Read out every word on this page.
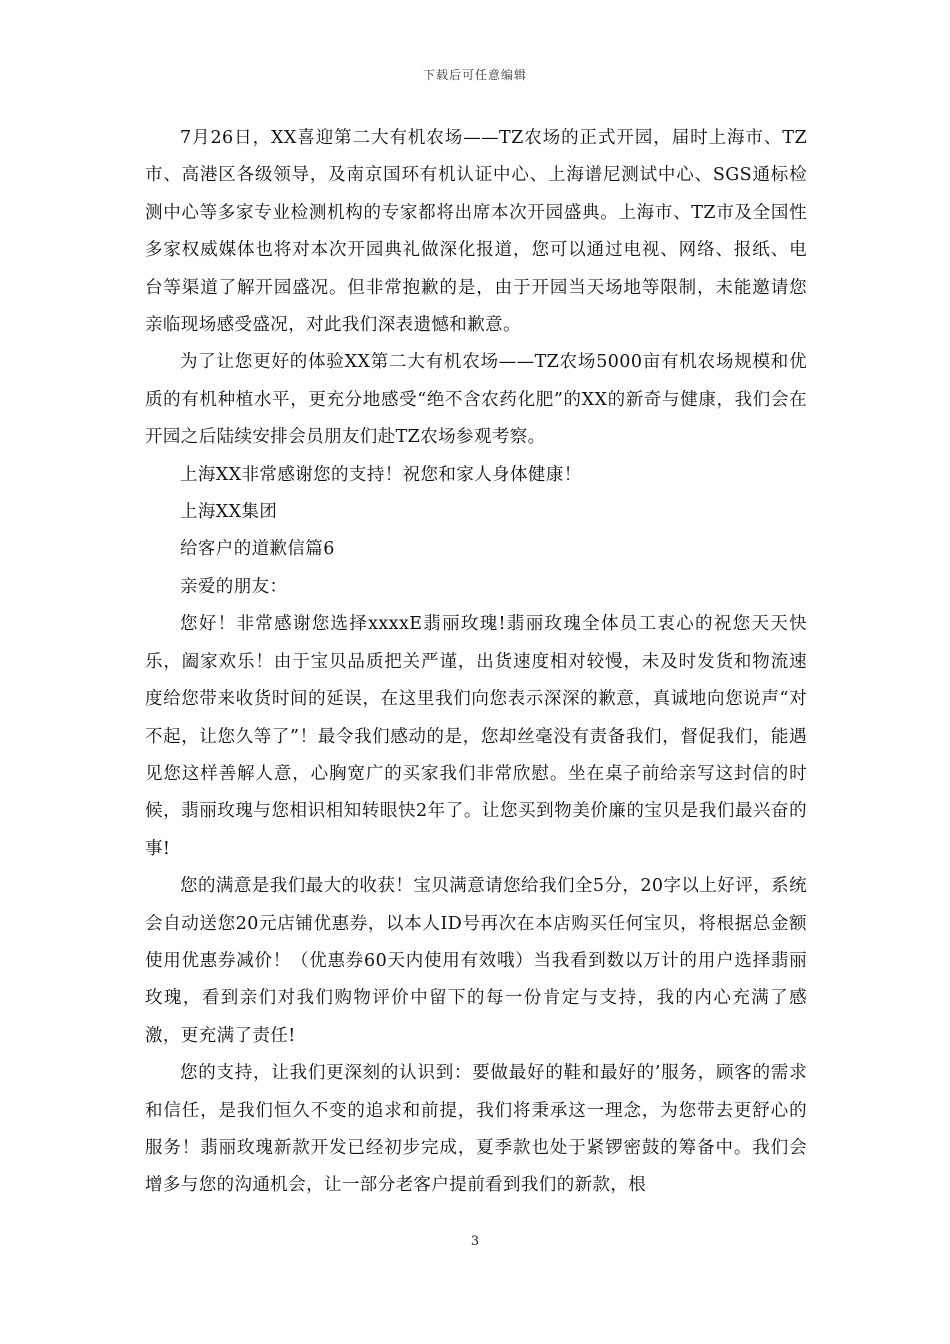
下载后可任意编辑

7月26日，XX喜迎第二大有机农场——TZ农场的正式开园，届时上海市、TZ市、高港区各级领导，及南京国环有机认证中心、上海谱尼测试中心、SGS通标检测中心等多家专业检测机构的专家都将出席本次开园盛典。上海市、TZ市及全国性多家权威媒体也将对本次开园典礼做深化报道，您可以通过电视、网络、报纸、电台等渠道了解开园盛况。但非常抱歉的是，由于开园当天场地等限制，未能邀请您亲临现场感受盛况，对此我们深表遗憾和歉意。

为了让您更好的体验XX第二大有机农场——TZ农场5000亩有机农场规模和优质的有机种植水平，更充分地感受“绝不含农药化肥”的XX的新奇与健康，我们会在开园之后陆续安排会员朋友们赴TZ农场参观考察。

上海XX非常感谢您的支持！祝您和家人身体健康！

上海XX集团

给客户的道歉信篇6

亲爱的朋友：

您好！非常感谢您选择xxxxE翡丽玫瑰!翡丽玫瑰全体员工衷心的祝您天天快乐，阖家欢乐！由于宝贝品质把关严谨，出货速度相对较慢，未及时发货和物流速度给您带来收货时间的延误，在这里我们向您表示深深的歉意，真诚地向您说声“对不起，让您久等了”！最令我们感动的是，您却丝毫没有责备我们，督促我们，能遇见您这样善解人意，心胸宽广的买家我们非常欣慰。坐在桌子前给亲写这封信的时候，翡丽玫瑰与您相识相知转眼快2年了。让您买到物美价廉的宝贝是我们最兴奋的事!

您的满意是我们最大的收获！宝贝满意请您给我们全5分，20字以上好评，系统会自动送您20元店铺优惠券，以本人ID号再次在本店购买任何宝贝，将根据总金额使用优惠券减价！（优惠券60天内使用有效哦）当我看到数以万计的用户选择翡丽玫瑰，看到亲们对我们购物评价中留下的每一份肯定与支持，我的内心充满了感激，更充满了责任!

您的支持，让我们更深刻的认识到：要做最好的鞋和最好的’服务，顾客的需求和信任，是我们恒久不变的追求和前提，我们将秉承这一理念，为您带去更舒心的服务！翡丽玫瑰新款开发已经初步完成，夏季款也处于紧锣密鼓的筹备中。我们会增多与您的沟通机会，让一部分老客户提前看到我们的新款，根

3
